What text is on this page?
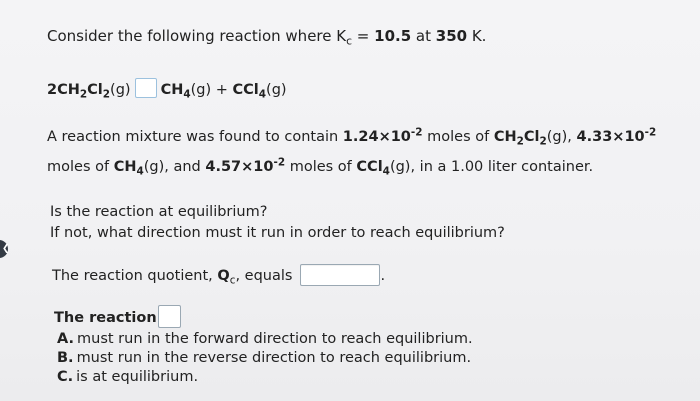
Consider the following reaction where $K_c = 10.5$ at 350 K.
$2CH_2Cl_2(g) CH_4(g) + CCl_4(g)$
A reaction mixture was found to contain $1.24\times 10^{-2}$ moles of $CH_2Cl_2(g)$, $4.33\times 10^{-2}$
moles of $CH_4(g)$, and $4.57\times 10^{-2}$ moles of CCl$_4$(g), in a 1.00 liter container.
Is the reaction at equilibrium?
If not, what direction must it run in order to reach equilibrium?
The reaction quotient, $Q_c$, equals	.
The reaction
A. must run in the forward direction to reach equilibrium.
B. must run in the reverse direction to reach equilibrium.
C. is at equilibrium.
❮
